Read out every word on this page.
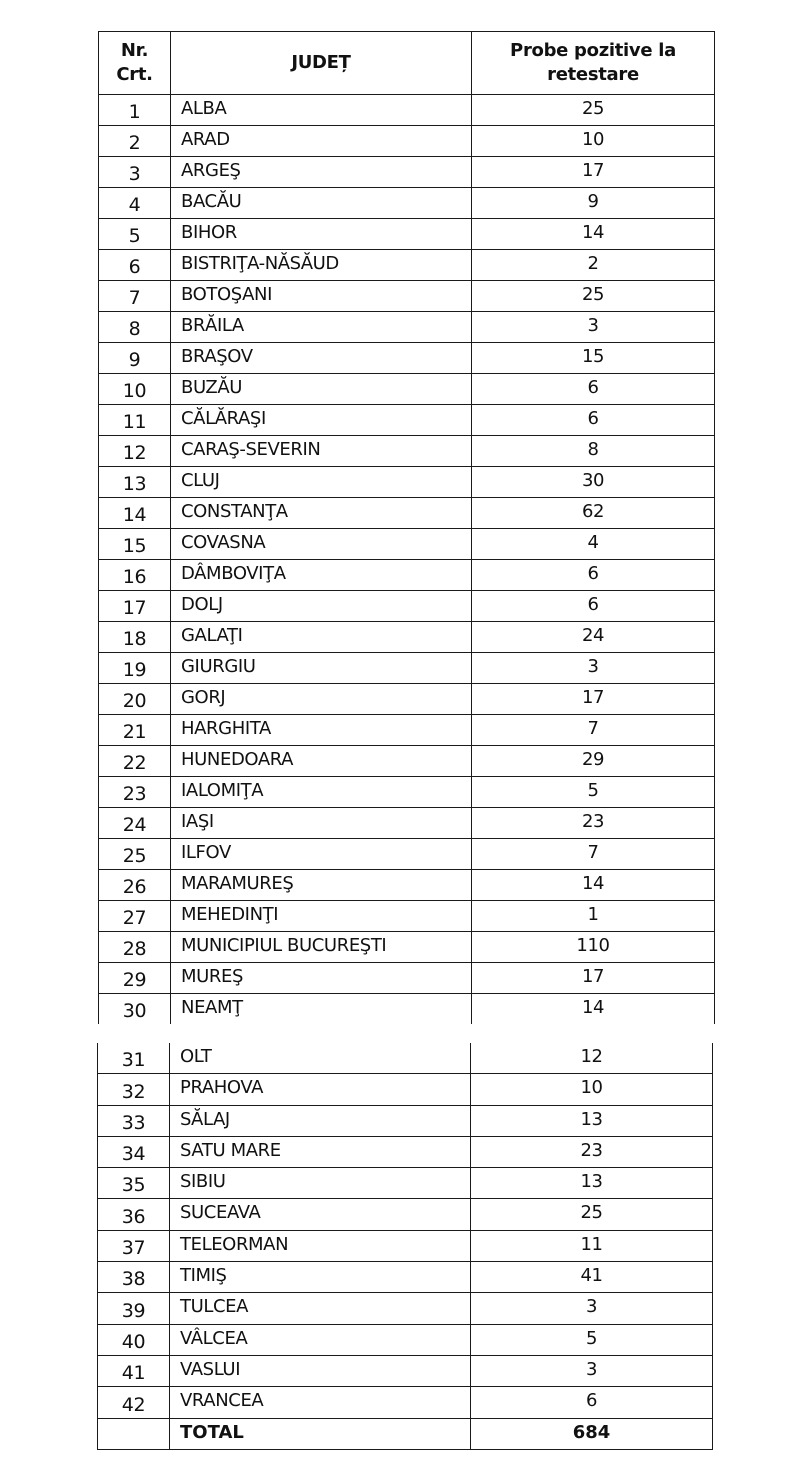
Nr. Crt.	JUDEȚ	Probe pozitive la retestare
1	ALBA	25
2	ARAD	10
3	ARGEŞ	17
4	BACĂU	9
5	BIHOR	14
6	BISTRIŢA-NĂSĂUD	2
7	BOTOŞANI	25
8	BRĂILA	3
9	BRAŞOV	15
10	BUZĂU	6
11	CĂLĂRAŞI	6
12	CARAŞ-SEVERIN	8
13	CLUJ	30
14	CONSTANŢA	62
15	COVASNA	4
16	DÂMBOVIŢA	6
17	DOLJ	6
18	GALAŢI	24
19	GIURGIU	3
20	GORJ	17
21	HARGHITA	7
22	HUNEDOARA	29
23	IALOMIŢA	5
24	IAŞI	23
25	ILFOV	7
26	MARAMUREŞ	14
27	MEHEDINŢI	1
28	MUNICIPIUL BUCUREŞTI	110
29	MUREŞ	17
30	NEAMŢ	14
31	OLT	12
32	PRAHOVA	10
33	SĂLAJ	13
34	SATU MARE	23
35	SIBIU	13
36	SUCEAVA	25
37	TELEORMAN	11
38	TIMIŞ	41
39	TULCEA	3
40	VÂLCEA	5
41	VASLUI	3
42	VRANCEA	6
	TOTAL	684
